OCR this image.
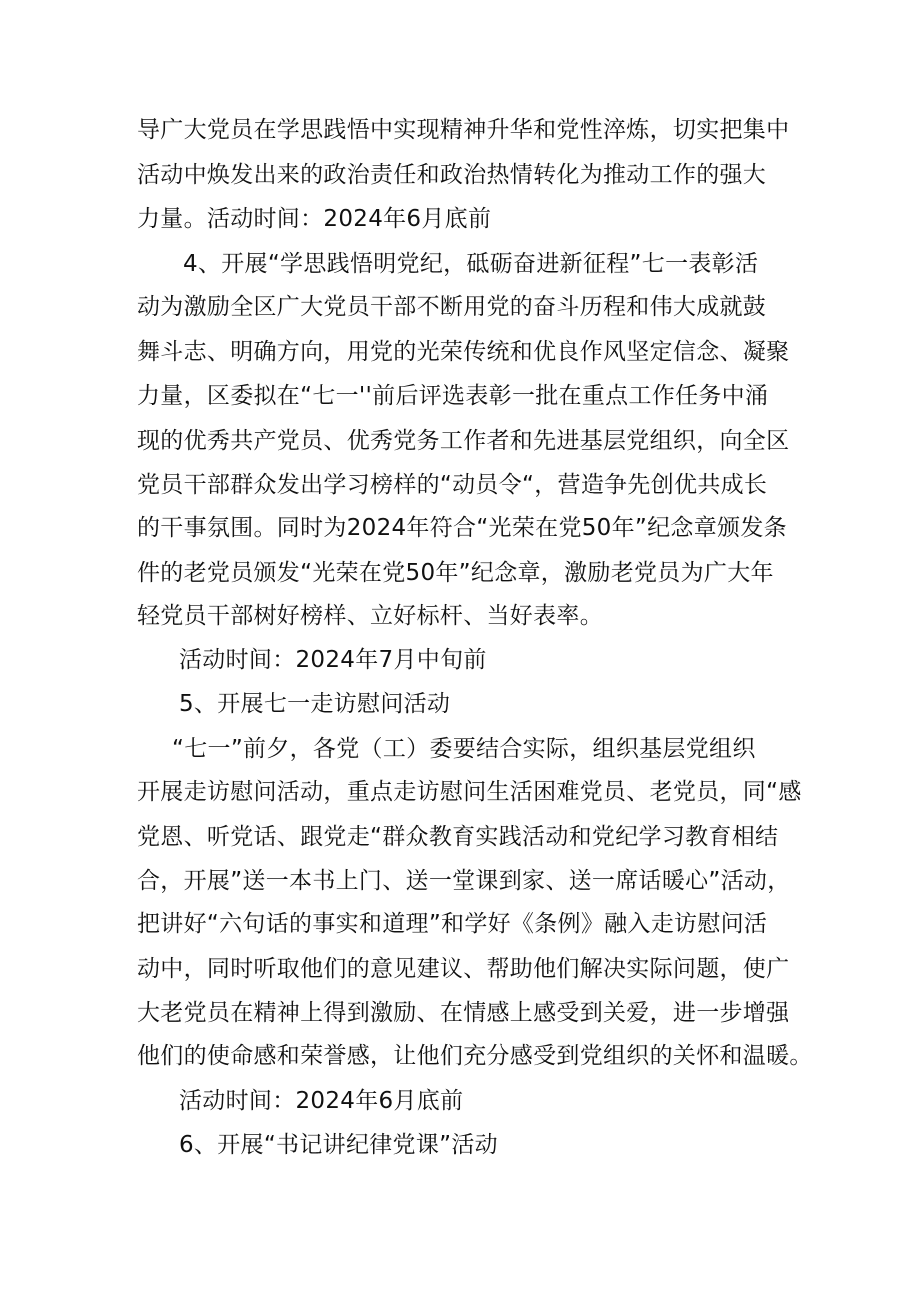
导广大党员在学思践悟中实现精神升华和党性淬炼，切实把集中
活动中焕发出来的政治责任和政治热情转化为推动工作的强大
力量。活动时间：2024年6月底前
4、开展“学思践悟明党纪，砥砺奋进新征程”七一表彰活
动为激励全区广大党员干部不断用党的奋斗历程和伟大成就鼓
舞斗志、明确方向，用党的光荣传统和优良作风坚定信念、凝聚
力量，区委拟在“七一''前后评选表彰一批在重点工作任务中涌
现的优秀共产党员、优秀党务工作者和先进基层党组织，向全区
党员干部群众发出学习榜样的“动员令“，营造争先创优共成长
的干事氛围。同时为2024年符合“光荣在党50年”纪念章颁发条
件的老党员颁发“光荣在党50年”纪念章，激励老党员为广大年
轻党员干部树好榜样、立好标杆、当好表率。
活动时间：2024年7月中旬前
5、开展七一走访慰问活动
“七一”前夕，各党（工）委要结合实际，组织基层党组织
开展走访慰问活动，重点走访慰问生活困难党员、老党员，同“感
党恩、听党话、跟党走“群众教育实践活动和党纪学习教育相结
合，开展”送一本书上门、送一堂课到家、送一席话暖心”活动，
把讲好“六句话的事实和道理”和学好《条例》融入走访慰问活
动中，同时听取他们的意见建议、帮助他们解决实际问题，使广
大老党员在精神上得到激励、在情感上感受到关爱，进一步增强
他们的使命感和荣誉感，让他们充分感受到党组织的关怀和温暖。
活动时间：2024年6月底前
6、开展“书记讲纪律党课”活动
